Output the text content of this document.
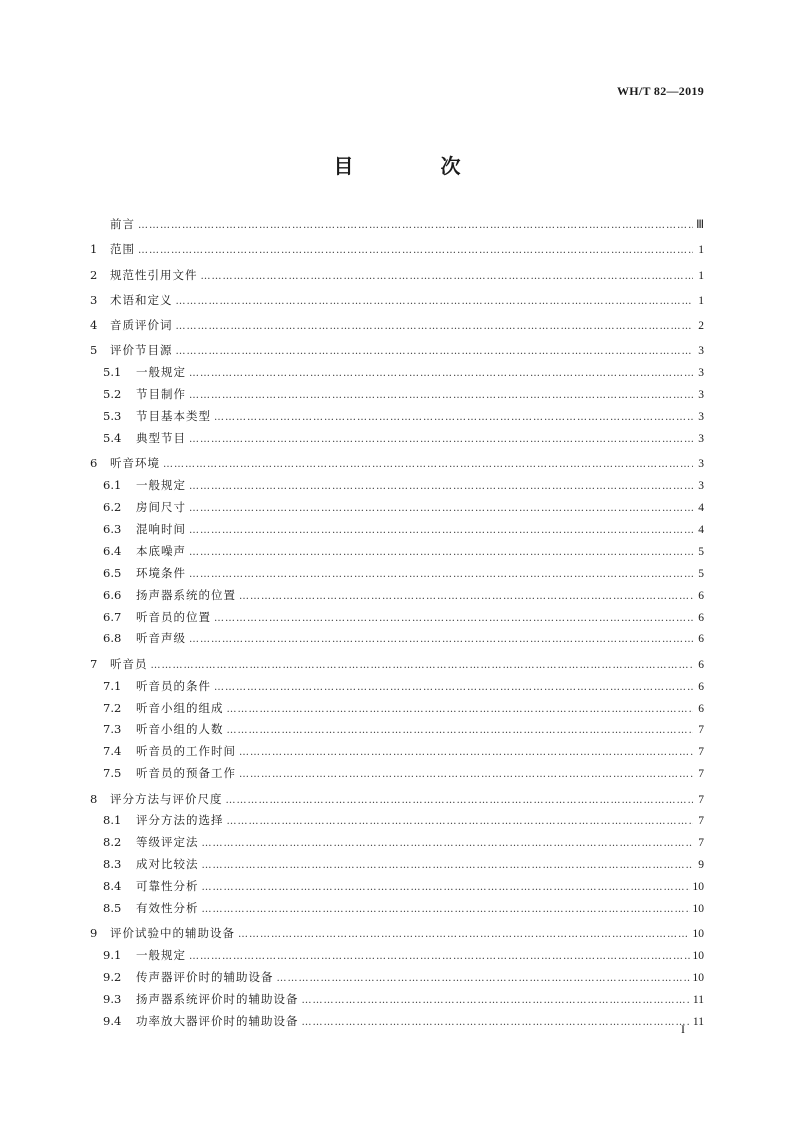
WH/T 82—2019
目 次
前言 …………………………………………………………………………………………………………………………………………………………………………………………………………………………………………	Ⅲ
1	范围 …………………………………………………………………………………………………………………………………………………………………………………………………………………………………………	1
2	规范性引用文件 …………………………………………………………………………………………………………………………………………………………………………………………………………………………………………	1
3	术语和定义 …………………………………………………………………………………………………………………………………………………………………………………………………………………………………………	1
4	音质评价词 …………………………………………………………………………………………………………………………………………………………………………………………………………………………………………	2
5	评价节目源 …………………………………………………………………………………………………………………………………………………………………………………………………………………………………………	3
5.1	一般规定 …………………………………………………………………………………………………………………………………………………………………………………………………………………………………………	3
5.2	节目制作 …………………………………………………………………………………………………………………………………………………………………………………………………………………………………………	3
5.3	节目基本类型 …………………………………………………………………………………………………………………………………………………………………………………………………………………………………………	3
5.4	典型节目 …………………………………………………………………………………………………………………………………………………………………………………………………………………………………………	3
6	听音环境 …………………………………………………………………………………………………………………………………………………………………………………………………………………………………………	3
6.1	一般规定 …………………………………………………………………………………………………………………………………………………………………………………………………………………………………………	3
6.2	房间尺寸 …………………………………………………………………………………………………………………………………………………………………………………………………………………………………………	4
6.3	混响时间 …………………………………………………………………………………………………………………………………………………………………………………………………………………………………………	4
6.4	本底噪声 …………………………………………………………………………………………………………………………………………………………………………………………………………………………………………	5
6.5	环境条件 …………………………………………………………………………………………………………………………………………………………………………………………………………………………………………	5
6.6	扬声器系统的位置 …………………………………………………………………………………………………………………………………………………………………………………………………………………………………………	6
6.7	听音员的位置 …………………………………………………………………………………………………………………………………………………………………………………………………………………………………………	6
6.8	听音声级 …………………………………………………………………………………………………………………………………………………………………………………………………………………………………………	6
7	听音员 …………………………………………………………………………………………………………………………………………………………………………………………………………………………………………	6
7.1	听音员的条件 …………………………………………………………………………………………………………………………………………………………………………………………………………………………………………	6
7.2	听音小组的组成 …………………………………………………………………………………………………………………………………………………………………………………………………………………………………………	6
7.3	听音小组的人数 …………………………………………………………………………………………………………………………………………………………………………………………………………………………………………	7
7.4	听音员的工作时间 …………………………………………………………………………………………………………………………………………………………………………………………………………………………………………	7
7.5	听音员的预备工作 …………………………………………………………………………………………………………………………………………………………………………………………………………………………………………	7
8	评分方法与评价尺度 …………………………………………………………………………………………………………………………………………………………………………………………………………………………………………	7
8.1	评分方法的选择 …………………………………………………………………………………………………………………………………………………………………………………………………………………………………………	7
8.2	等级评定法 …………………………………………………………………………………………………………………………………………………………………………………………………………………………………………	7
8.3	成对比较法 …………………………………………………………………………………………………………………………………………………………………………………………………………………………………………	9
8.4	可靠性分析 …………………………………………………………………………………………………………………………………………………………………………………………………………………………………………	10
8.5	有效性分析 …………………………………………………………………………………………………………………………………………………………………………………………………………………………………………	10
9	评价试验中的辅助设备 …………………………………………………………………………………………………………………………………………………………………………………………………………………………………………	10
9.1	一般规定 …………………………………………………………………………………………………………………………………………………………………………………………………………………………………………	10
9.2	传声器评价时的辅助设备 …………………………………………………………………………………………………………………………………………………………………………………………………………………………………………	10
9.3	扬声器系统评价时的辅助设备 …………………………………………………………………………………………………………………………………………………………………………………………………………………………………………	11
9.4	功率放大器评价时的辅助设备 …………………………………………………………………………………………………………………………………………………………………………………………………………………………………………	11
I
